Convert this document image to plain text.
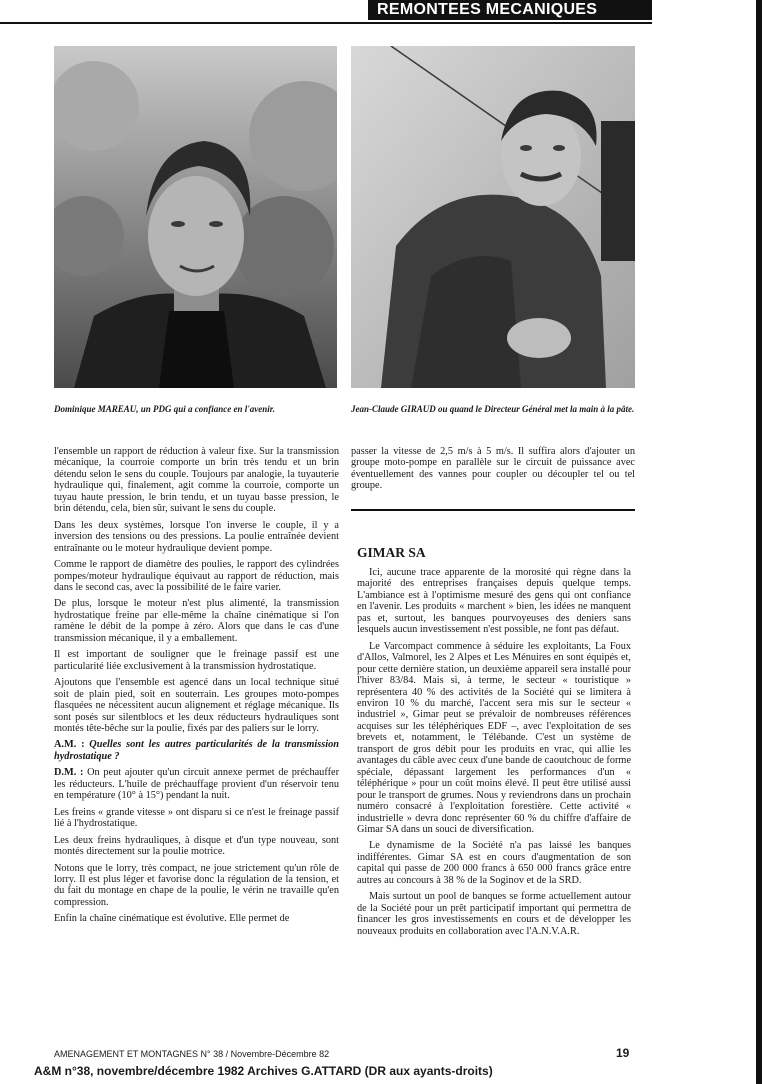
REMONTEES MECANIQUES
Dominique MAREAU, un PDG qui a confiance en l'avenir.	Jean-Claude GIRAUD ou quand le Directeur Général met la main à la pâte.

l'ensemble un rapport de réduction à valeur fixe. Sur la transmission mécanique, la courroie comporte un brin très tendu et un brin détendu selon le sens du couple. Toujours par analogie, la tuyauterie hydraulique qui, finalement, agit comme la courroie, comporte un tuyau haute pression, le brin tendu, et un tuyau basse pression, le brin détendu, cela, bien sûr, suivant le sens du couple.

Dans les deux systèmes, lorsque l'on inverse le couple, il y a inversion des tensions ou des pressions. La poulie entraînée devient entraînante ou le moteur hydraulique devient pompe.

Comme le rapport de diamètre des poulies, le rapport des cylindrées pompes/moteur hydraulique équivaut au rapport de réduction, mais dans le second cas, avec la possibilité de le faire varier.

De plus, lorsque le moteur n'est plus alimenté, la transmission hydrostatique freine par elle-même la chaîne cinématique si l'on ramène le débit de la pompe à zéro. Alors que dans le cas d'une transmission mécanique, il y a emballement.

Il est important de souligner que le freinage passif est une particularité liée exclusivement à la transmission hydrostatique.

Ajoutons que l'ensemble est agencé dans un local technique situé soit de plain pied, soit en souterrain. Les groupes moto-pompes flasquées ne nécessitent aucun alignement et réglage mécanique. Ils sont posés sur silentblocs et les deux réducteurs hydrauliques sont montés tête-bêche sur la poulie, fixés par des paliers sur le lorry.

A.M. : Quelles sont les autres particularités de la transmission hydrostatique ?

D.M. : On peut ajouter qu'un circuit annexe permet de préchauffer les réducteurs. L'huile de préchauffage provient d'un réservoir tenu en température (10° à 15°) pendant la nuit.

Les freins « grande vitesse » ont disparu si ce n'est le freinage passif lié à l'hydrostatique.

Les deux freins hydrauliques, à disque et d'un type nouveau, sont montés directement sur la poulie motrice.

Notons que le lorry, très compact, ne joue strictement qu'un rôle de lorry. Il est plus léger et favorise donc la régulation de la tension, et du fait du montage en chape de la poulie, le vérin ne travaille qu'en compression.

Enfin la chaîne cinématique est évolutive. Elle permet de

passer la vitesse de 2,5 m/s à 5 m/s. Il suffira alors d'ajouter un groupe moto-pompe en parallèle sur le circuit de puissance avec éventuellement des vannes pour coupler ou découpler tel ou tel groupe.

GIMAR SA

Ici, aucune trace apparente de la morosité qui règne dans la majorité des entreprises françaises depuis quelque temps. L'ambiance est à l'optimisme mesuré des gens qui ont confiance en l'avenir. Les produits « marchent » bien, les idées ne manquent pas et, surtout, les banques pourvoyeuses des deniers sans lesquels aucun investissement n'est possible, ne font pas défaut.

Le Varcompact commence à séduire les exploitants, La Foux d'Allos, Valmorel, les 2 Alpes et Les Ménuires en sont équipés et, pour cette dernière station, un deuxième appareil sera installé pour l'hiver 83/84. Mais si, à terme, le secteur « touristique » représentera 40 % des activités de la Société qui se limitera à environ 10 % du marché, l'accent sera mis sur le secteur « industriel », Gimar peut se prévaloir de nombreuses références acquises sur les téléphériques EDF –, avec l'exploitation de ses brevets et, notamment, le Télébande. C'est un système de transport de gros débit pour les produits en vrac, qui allie les avantages du câble avec ceux d'une bande de caoutchouc de forme spéciale, dépassant largement les performances d'un « téléphérique » pour un coût moins élevé. Il peut être utilisé aussi pour le transport de grumes. Nous y reviendrons dans un prochain numéro consacré à l'exploitation forestière. Cette activité « industrielle » devra donc représenter 60 % du chiffre d'affaire de Gimar SA dans un souci de diversification.

Le dynamisme de la Société n'a pas laissé les banques indifférentes. Gimar SA est en cours d'augmentation de son capital qui passe de 200 000 francs à 650 000 francs grâce entre autres au concours à 38 % de la Soginov et de la SRD.

Mais surtout un pool de banques se forme actuellement autour de la Société pour un prêt participatif important qui permettra de financer les gros investissements en cours et de développer les nouveaux produits en collaboration avec l'A.N.V.A.R.

AMENAGEMENT ET MONTAGNES N° 38 / Novembre-Décembre 82	19
A&M n°38, novembre/décembre 1982 Archives G.ATTARD (DR aux ayants-droits)
